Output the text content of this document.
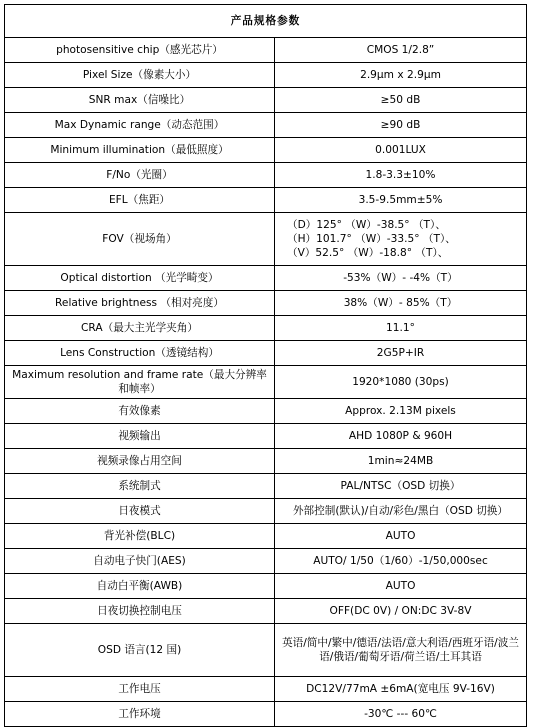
产品规格参数	
photosensitive chip（感光芯片）	CMOS 1/2.8”
Pixel Size（像素大小）	2.9μm x 2.9μm
SNR max（信噪比）	≥50 dB
Max Dynamic range（动态范围）	≥90 dB
Minimum illumination（最低照度）	0.001LUX
F/No（光圈）	1.8-3.3±10%
EFL（焦距）	3.5-9.5mm±5%
FOV（视场角）	（D）125° （W）-38.5° （T）、
（H）101.7° （W）-33.5° （T）、
（V）52.5° （W）-18.8° （T）、

Optical distortion （光学畸变）	-53%（W）- -4%（T）
Relative brightness （相对亮度）	38%（W）- 85%（T）
CRA（最大主光学夹角）	11.1°
Lens Construction（透镜结构）	2G5P+IR
Maximum resolution and frame rate（最大分辨率和帧率）	1920*1080 (30ps)
有效像素	Approx. 2.13M pixels
视频输出	AHD 1080P & 960H
视频录像占用空间	1min≈24MB
系统制式	PAL/NTSC（OSD 切换）
日夜模式	外部控制(默认)/自动/彩色/黑白（OSD 切换）
背光补偿(BLC)	AUTO
自动电子快门(AES)	AUTO/ 1/50（1/60）-1/50,000sec
自动白平衡(AWB)	AUTO
日夜切换控制电压	OFF(DC 0V) / ON:DC 3V-8V
OSD 语言(12 国)	英语/简中/繁中/德语/法语/意大利语/西班牙语/波兰语/俄语/葡萄牙语/荷兰语/土耳其语
工作电压	DC12V/77mA ±6mA(宽电压 9V-16V)
工作环境	-30℃ --- 60℃
